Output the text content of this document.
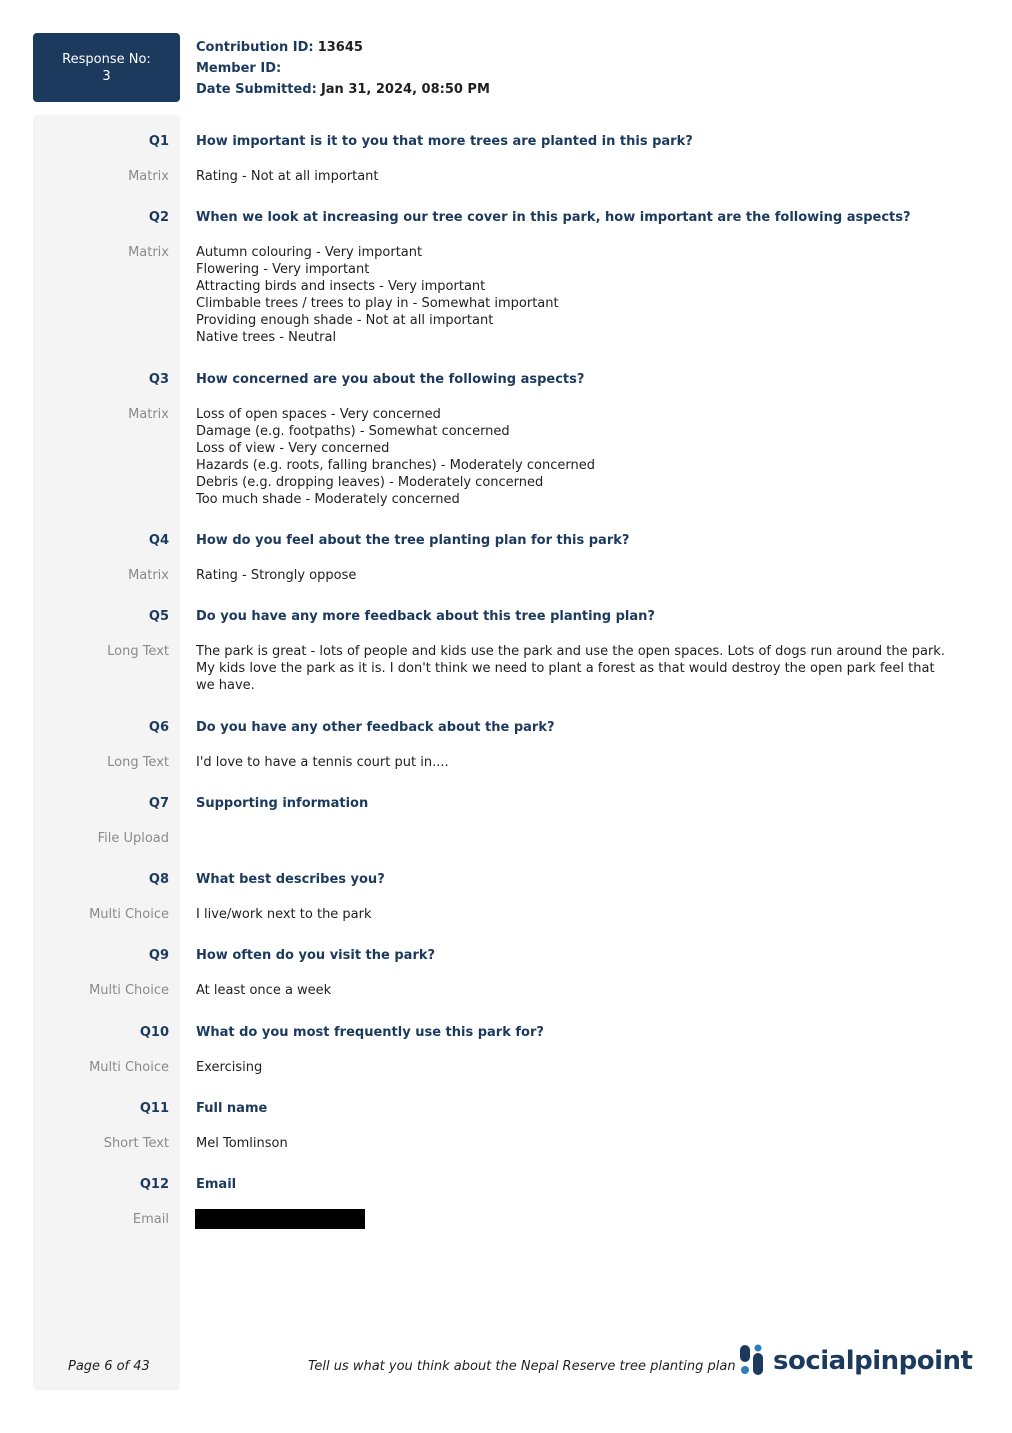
Response No:
3
Contribution ID: 13645
Member ID:
Date Submitted: Jan 31, 2024, 08:50 PM
Q1 How important is it to you that more trees are planted in this park?
Matrix Rating - Not at all important
Q2 When we look at increasing our tree cover in this park, how important are the following aspects?
Matrix Autumn colouring - Very important
Flowering - Very important
Attracting birds and insects - Very important
Climbable trees / trees to play in - Somewhat important
Providing enough shade - Not at all important
Native trees - Neutral
Q3 How concerned are you about the following aspects?
Matrix Loss of open spaces - Very concerned
Damage (e.g. footpaths) - Somewhat concerned
Loss of view - Very concerned
Hazards (e.g. roots, falling branches) - Moderately concerned
Debris (e.g. dropping leaves) - Moderately concerned
Too much shade - Moderately concerned
Q4 How do you feel about the tree planting plan for this park?
Matrix Rating - Strongly oppose
Q5 Do you have any more feedback about this tree planting plan?
Long Text The park is great - lots of people and kids use the park and use the open spaces. Lots of dogs run around the park. My kids love the park as it is. I don't think we need to plant a forest as that would destroy the open park feel that we have.
Q6 Do you have any other feedback about the park?
Long Text I'd love to have a tennis court put in....
Q7 Supporting information
File Upload
Q8 What best describes you?
Multi Choice I live/work next to the park
Q9 How often do you visit the park?
Multi Choice At least once a week
Q10 What do you most frequently use this park for?
Multi Choice Exercising
Q11 Full name
Short Text Mel Tomlinson
Q12 Email
Email
Page 6 of 43	Tell us what you think about the Nepal Reserve tree planting plan socialpinpoint
